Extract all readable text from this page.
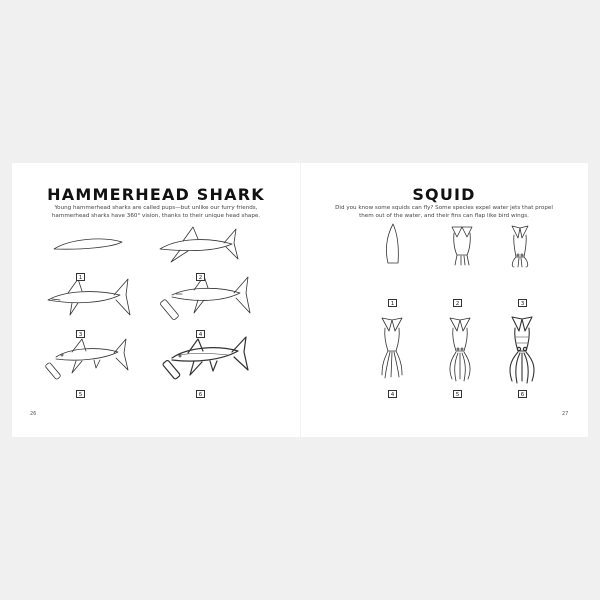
HAMMERHEAD SHARK

Young hammerhead sharks are called pups—but unlike our furry friends,
hammerhead sharks have 360° vision, thanks to their unique head shape.

1	2
3	4
5	6
26
SQUID

Did you know some squids can fly? Some species expel water jets that propel
them out of the water, and their fins can flap like bird wings.

1	2	3
4	5	6
27
